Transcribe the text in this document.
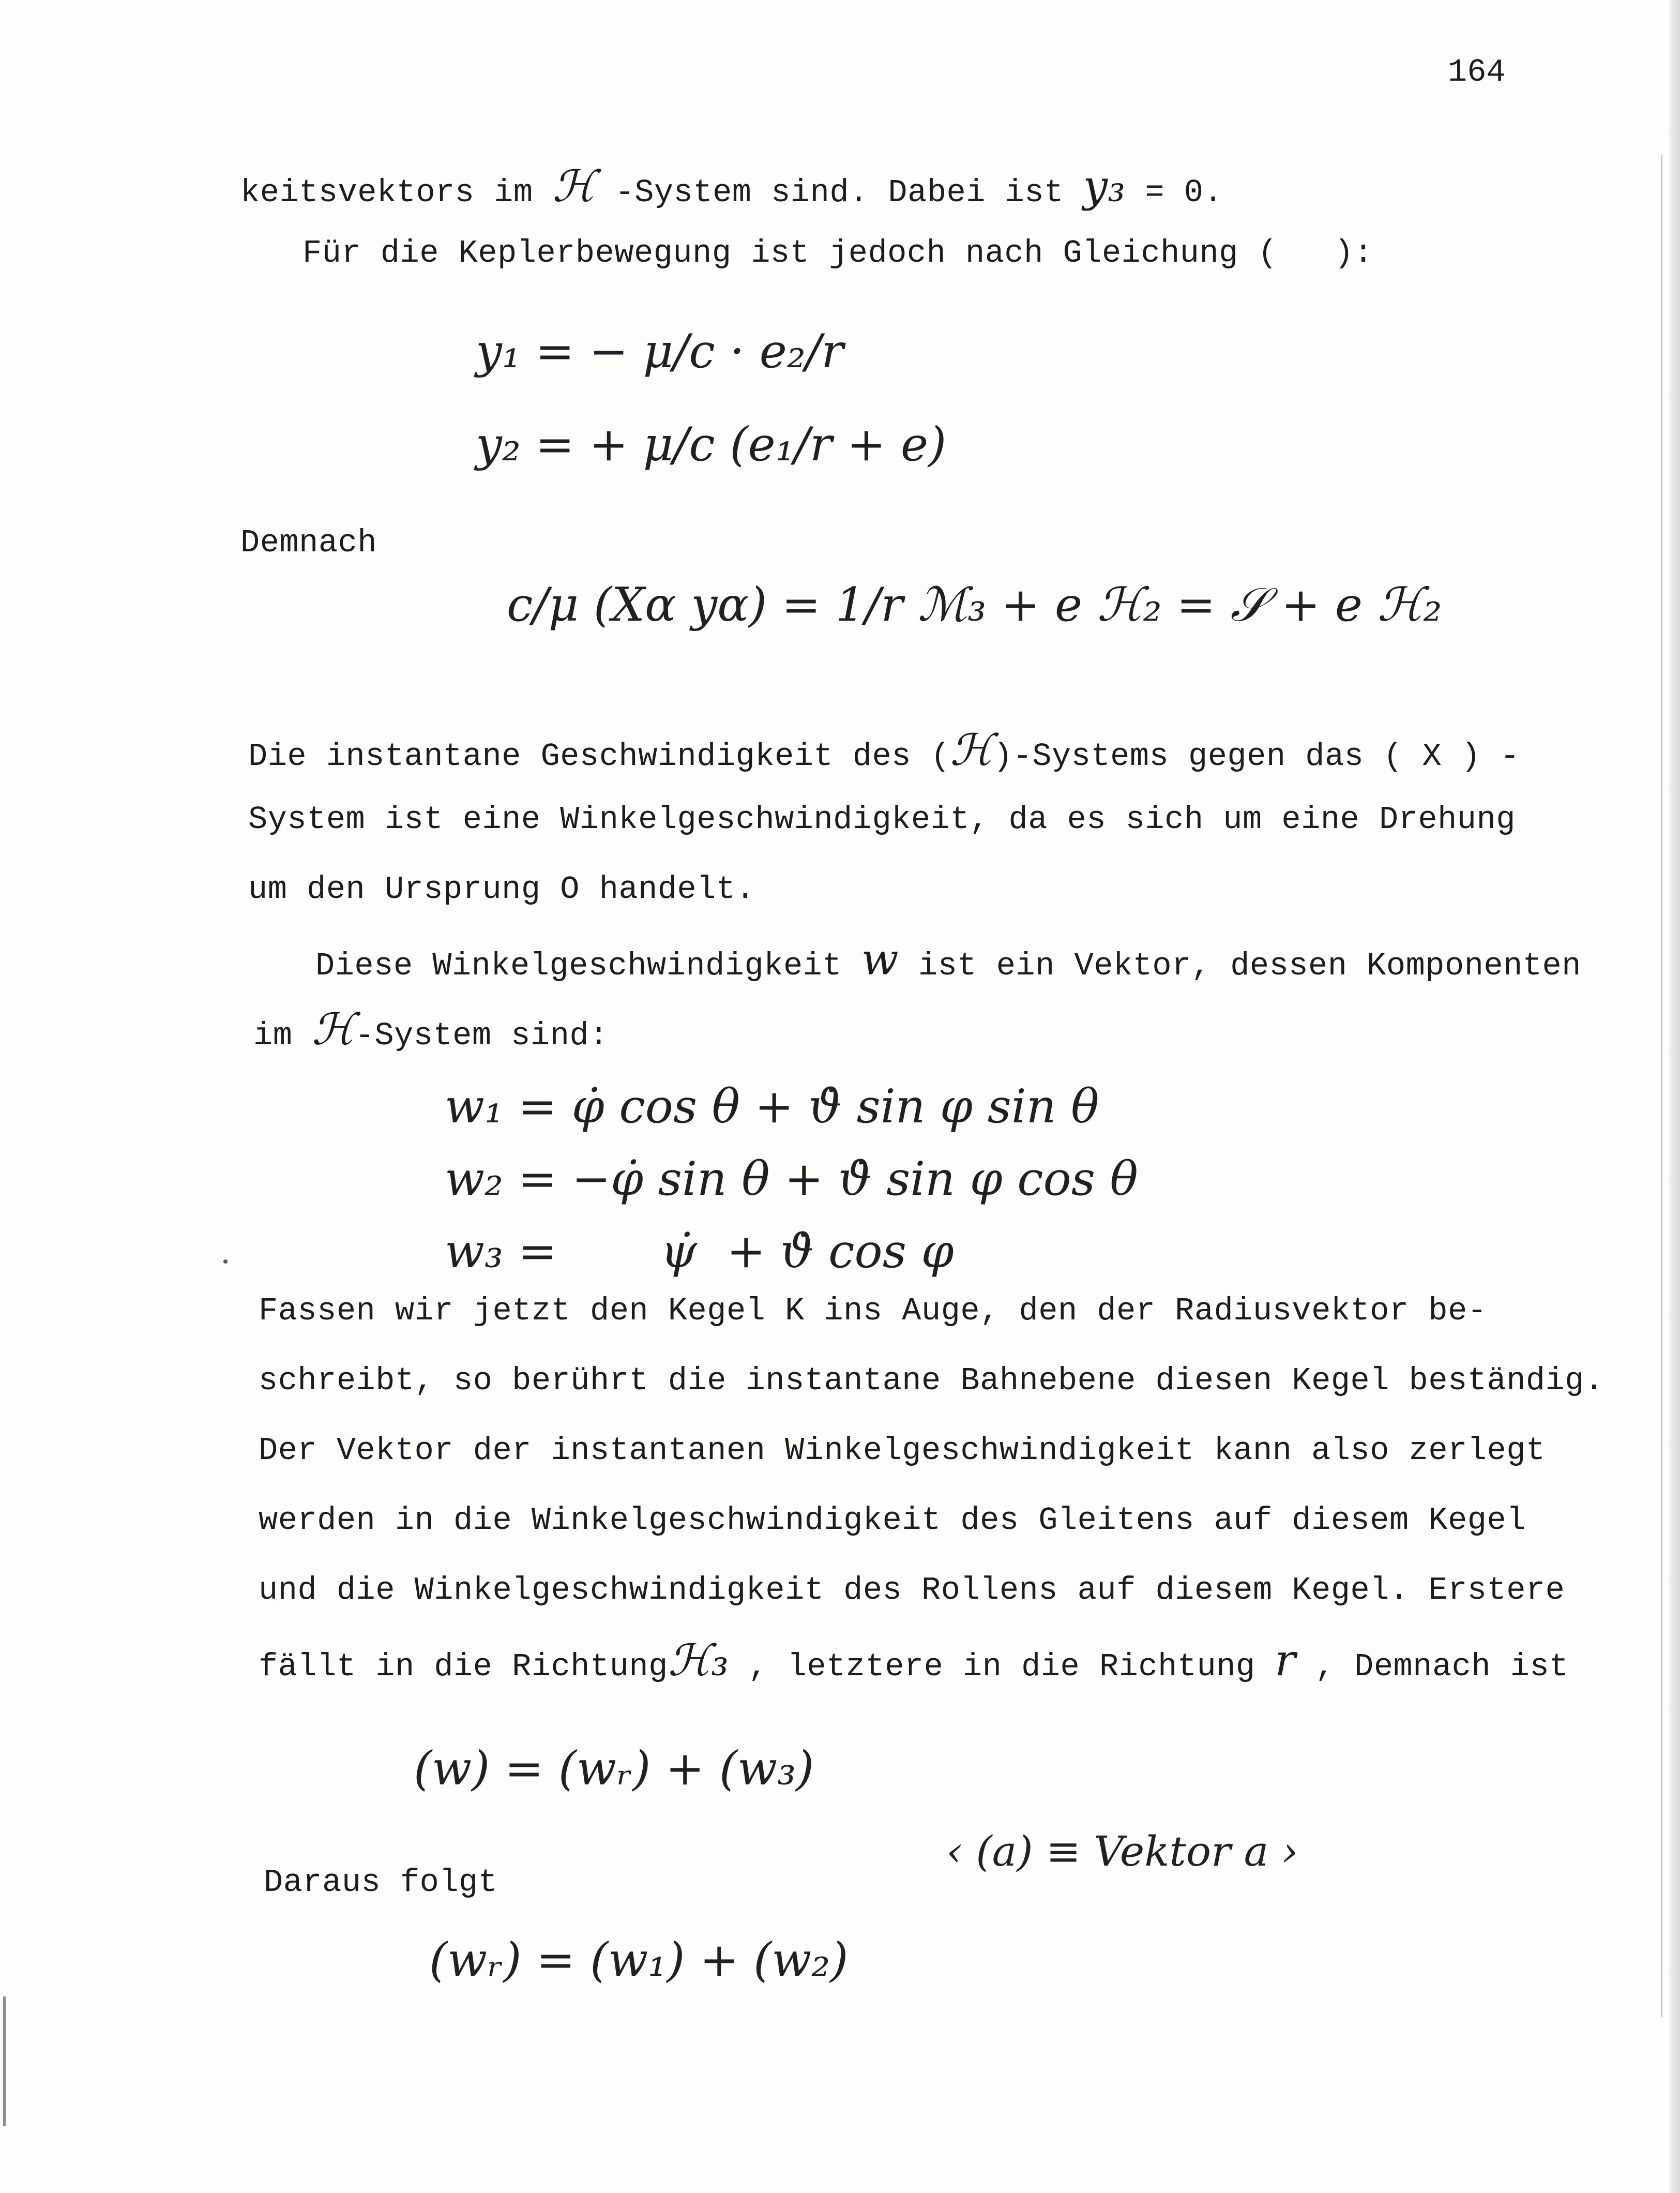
164
keitsvektors im ℋ -System sind. Dabei ist y₃ = 0.
Für die Keplerbewegung ist jedoch nach Gleichung ( ):
y₁ = − μ/c · e₂/r
y₂ = + μ/c (e₁/r + e)
Demnach
c/μ (Xα yα) = 1/r ℳ₃ + e ℋ₂ = 𝒮 + e ℋ₂
Die instantane Geschwindigkeit des (ℋ)-Systems gegen das ( X ) -
System ist eine Winkelgeschwindigkeit, da es sich um eine Drehung
um den Ursprung O handelt.
Diese Winkelgeschwindigkeit w ist ein Vektor, dessen Komponenten
im ℋ-System sind:
w₁ = φ̇ cos θ + ϑ̇ sin φ sin θ
w₂ = −φ̇ sin θ + ϑ̇ sin φ cos θ
w₃ =       ψ̇  + ϑ̇ cos φ
Fassen wir jetzt den Kegel K ins Auge, den der Radiusvektor be-
schreibt, so berührt die instantane Bahnebene diesen Kegel beständig.
Der Vektor der instantanen Winkelgeschwindigkeit kann also zerlegt
werden in die Winkelgeschwindigkeit des Gleitens auf diesem Kegel
und die Winkelgeschwindigkeit des Rollens auf diesem Kegel. Erstere
fällt in die Richtungℋ₃ , letztere in die Richtung r , Demnach ist
(w) = (wᵣ) + (w₃)
‹ (a) ≡ Vektor a ›
Daraus folgt
(wᵣ) = (w₁) + (w₂)
